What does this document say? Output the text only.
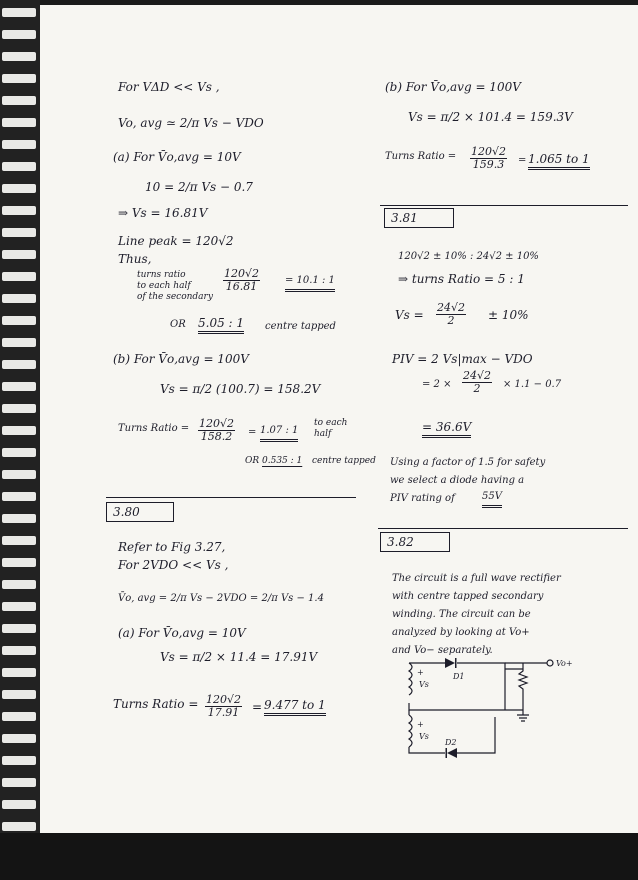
For VΔD << Vs ,
Vo, avg ≃ 2/π Vs − VDO
(a) For V̄o,avg = 10V
10 = 2/π Vs − 0.7
⇒ Vs = 16.81V
Line peak = 120√2
Thus,
turns ratio
to each half
of the secondary
$\frac{120√2}{16.81} = 10.1$ : 1
OR 5.05 : 1 centre tapped
(b) For V̄o,avg = 100V
Vs = π/2 (100.7) = 158.2V
Turns Ratio = $\frac{120√2}{158.2} = 1.07$ : 1
to each
half
OR 0.535 : 1 centre tapped
3.80
Refer to Fig 3.27,
For 2VDO << Vs ,
V̄o, avg = 2/π Vs − 2VDO = 2/π Vs − 1.4
(a) For V̄o,avg = 10V
Vs = π/2 × 11.4 = 17.91V
Turns Ratio = $\frac{120√2}{17.91} = 9.477$ to 1
(b) For V̄o,avg = 100V
Vs = π/2 × 101.4 = 159.3V
Turns Ratio = $\frac{120√2}{159.3} = 1.065$ to 1
3.81
120√2 ± 10% : 24√2 ± 10%
⇒ turns Ratio = 5 : 1
$Vs = \frac{24√2}{2} \pm 10\%$
PIV = 2 Vs|max − VDO
= $2 \times \frac{24√2}{2} \times 1.1 - 0.7$
= 36.6V
Using a factor of 1.5 for safety
we select a diode having a
PIV rating of	55V
3.82
The circuit is a full wave rectifier
with centre tapped secondary
winding. The circuit can be
analyzed by looking at Vo+
and Vo− separately.
D1
D2
Vs
Vs
+
+
Vo+
